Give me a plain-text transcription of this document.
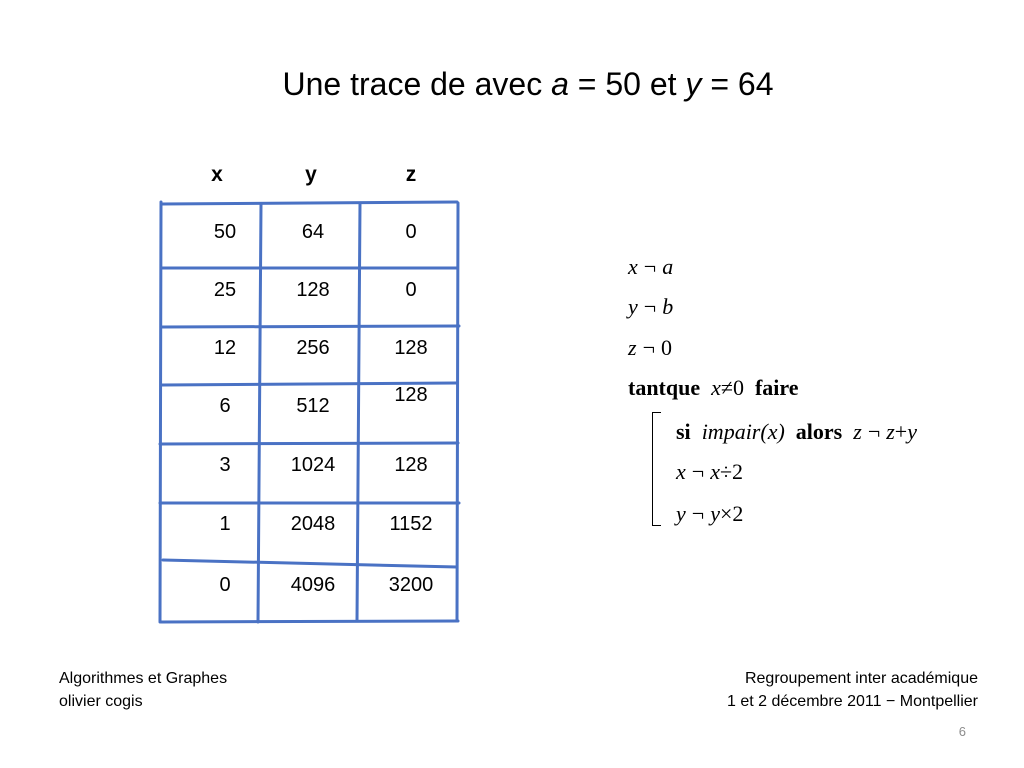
Une trace de avec a = 50 et y = 64
x	y	z
50	64	0
25	128	0
12	256	128
6	512	128
3	1024	128
1	2048	1152
0	4096	3200
x ¬ a
y ¬ b
z ¬ 0
tantque x≠0 faire
si impair(x) alors z ¬ z+y
x ¬ x÷2
y ¬ y×2
Algorithmes et Graphes
olivier cogis
Regroupement inter académique
1 et 2 décembre 2011 − Montpellier
6
